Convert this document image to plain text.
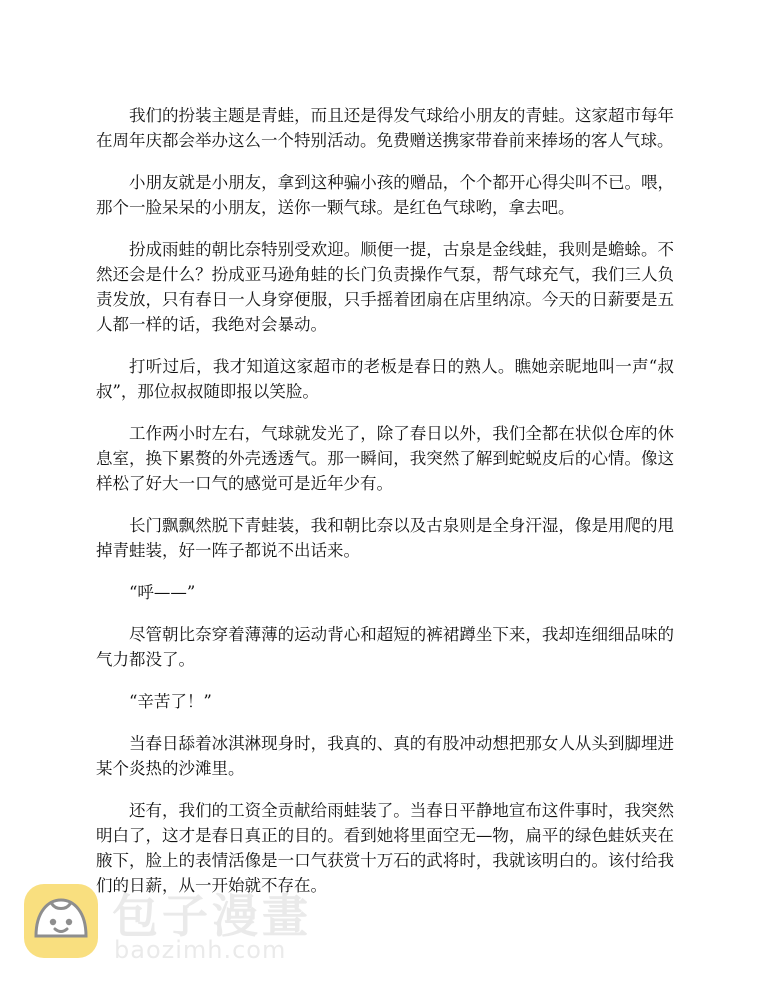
我们的扮装主题是青蛙，而且还是得发气球给小朋友的青蛙。这家超市每年在周年庆都会举办这么一个特别活动。免费赠送携家带眷前来捧场的客人气球。

小朋友就是小朋友，拿到这种骗小孩的赠品，个个都开心得尖叫不已。喂，那个一脸呆呆的小朋友，送你一颗气球。是红色气球哟，拿去吧。

扮成雨蛙的朝比奈特别受欢迎。顺便一提，古泉是金线蛙，我则是蟾蜍。不然还会是什么？扮成亚马逊角蛙的长门负责操作气泵，帮气球充气，我们三人负责发放，只有春日一人身穿便服，只手摇着团扇在店里纳凉。今天的日薪要是五人都一样的话，我绝对会暴动。

打听过后，我才知道这家超市的老板是春日的熟人。瞧她亲昵地叫一声“叔叔”，那位叔叔随即报以笑脸。

工作两小时左右，气球就发光了，除了春日以外，我们全都在状似仓库的休息室，换下累赘的外壳透透气。那一瞬间，我突然了解到蛇蜕皮后的心情。像这样松了好大一口气的感觉可是近年少有。

长门飘飘然脱下青蛙装，我和朝比奈以及古泉则是全身汗湿，像是用爬的甩掉青蛙装，好一阵子都说不出话来。

“呼——”

尽管朝比奈穿着薄薄的运动背心和超短的裤裙蹲坐下来，我却连细细品味的气力都没了。

“辛苦了！”

当春日舔着冰淇淋现身时，我真的、真的有股冲动想把那女人从头到脚埋进某个炎热的沙滩里。

还有，我们的工资全贡献给雨蛙装了。当春日平静地宣布这件事时，我突然明白了，这才是春日真正的目的。看到她将里面空无—物，扁平的绿色蛙妖夹在腋下，脸上的表情活像是一口气获赏十万石的武将时，我就该明白的。该付给我们的日薪，从一开始就不存在。

包子漫畫
baozimh.com
